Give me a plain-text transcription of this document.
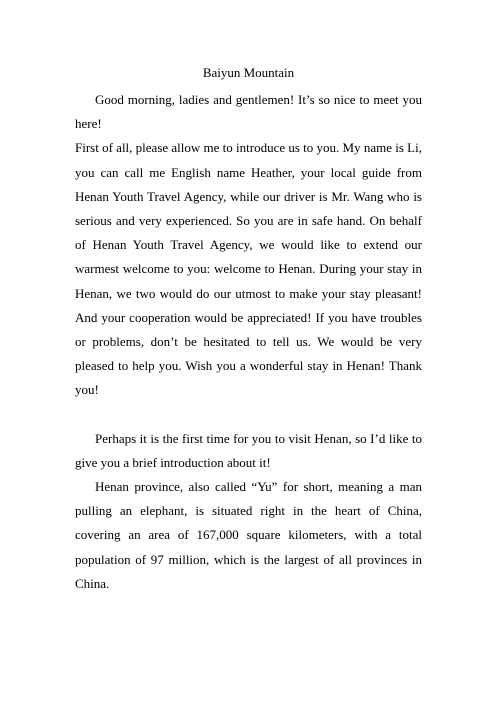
Baiyun Mountain

Good morning, ladies and gentlemen! It’s so nice to meet you here!

First of all, please allow me to introduce us to you. My name is Li, you can call me English name Heather, your local guide from Henan Youth Travel Agency, while our driver is Mr. Wang who is serious and very experienced. So you are in safe hand. On behalf of Henan Youth Travel Agency, we would like to extend our warmest welcome to you: welcome to Henan. During your stay in Henan, we two would do our utmost to make your stay pleasant! And your cooperation would be appreciated! If you have troubles or problems, don’t be hesitated to tell us. We would be very pleased to help you. Wish you a wonderful stay in Henan! Thank you!

Perhaps it is the first time for you to visit Henan, so I’d like to give you a brief introduction about it!

Henan province, also called “Yu” for short, meaning a man pulling an elephant, is situated right in the heart of China, covering an area of 167,000 square kilometers, with a total population of 97 million, which is the largest of all provinces in China.
